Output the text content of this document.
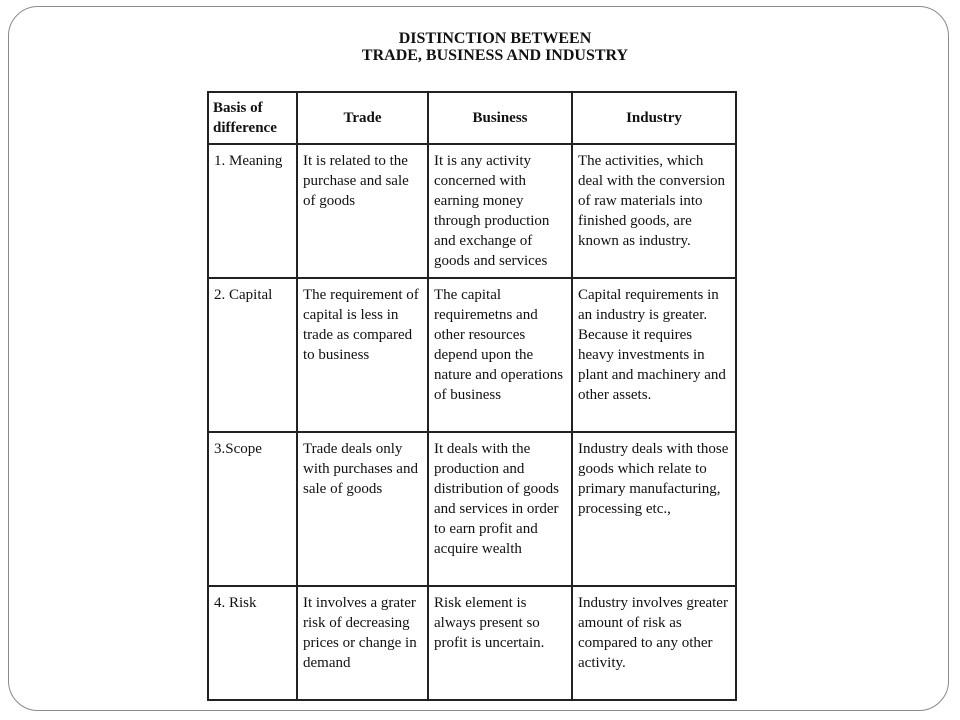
DISTINCTION BETWEEN
TRADE, BUSINESS AND INDUSTRY
Basis of
difference	Trade	Business	Industry
1. Meaning	It is related to the purchase and sale of goods	It is any activity concerned with earning money through production and exchange of goods and services	The activities, which deal with the conversion of raw materials into finished goods, are known as industry.
2. Capital	The requirement of capital is less in trade as compared to business	The capital requiremetns and other resources depend upon the nature and operations of business	Capital requirements in an industry is greater. Because it requires heavy investments in plant and machinery and other assets.
3.Scope	Trade deals only with purchases and sale of goods	It deals with the production and distribution of goods and services in order to earn profit and acquire wealth	Industry deals with those goods which relate to primary manufacturing, processing etc.,
4. Risk	It involves a grater risk of decreasing prices or change in demand	Risk element is always present so profit is uncertain.	Industry involves greater amount of risk as compared to any other activity.
